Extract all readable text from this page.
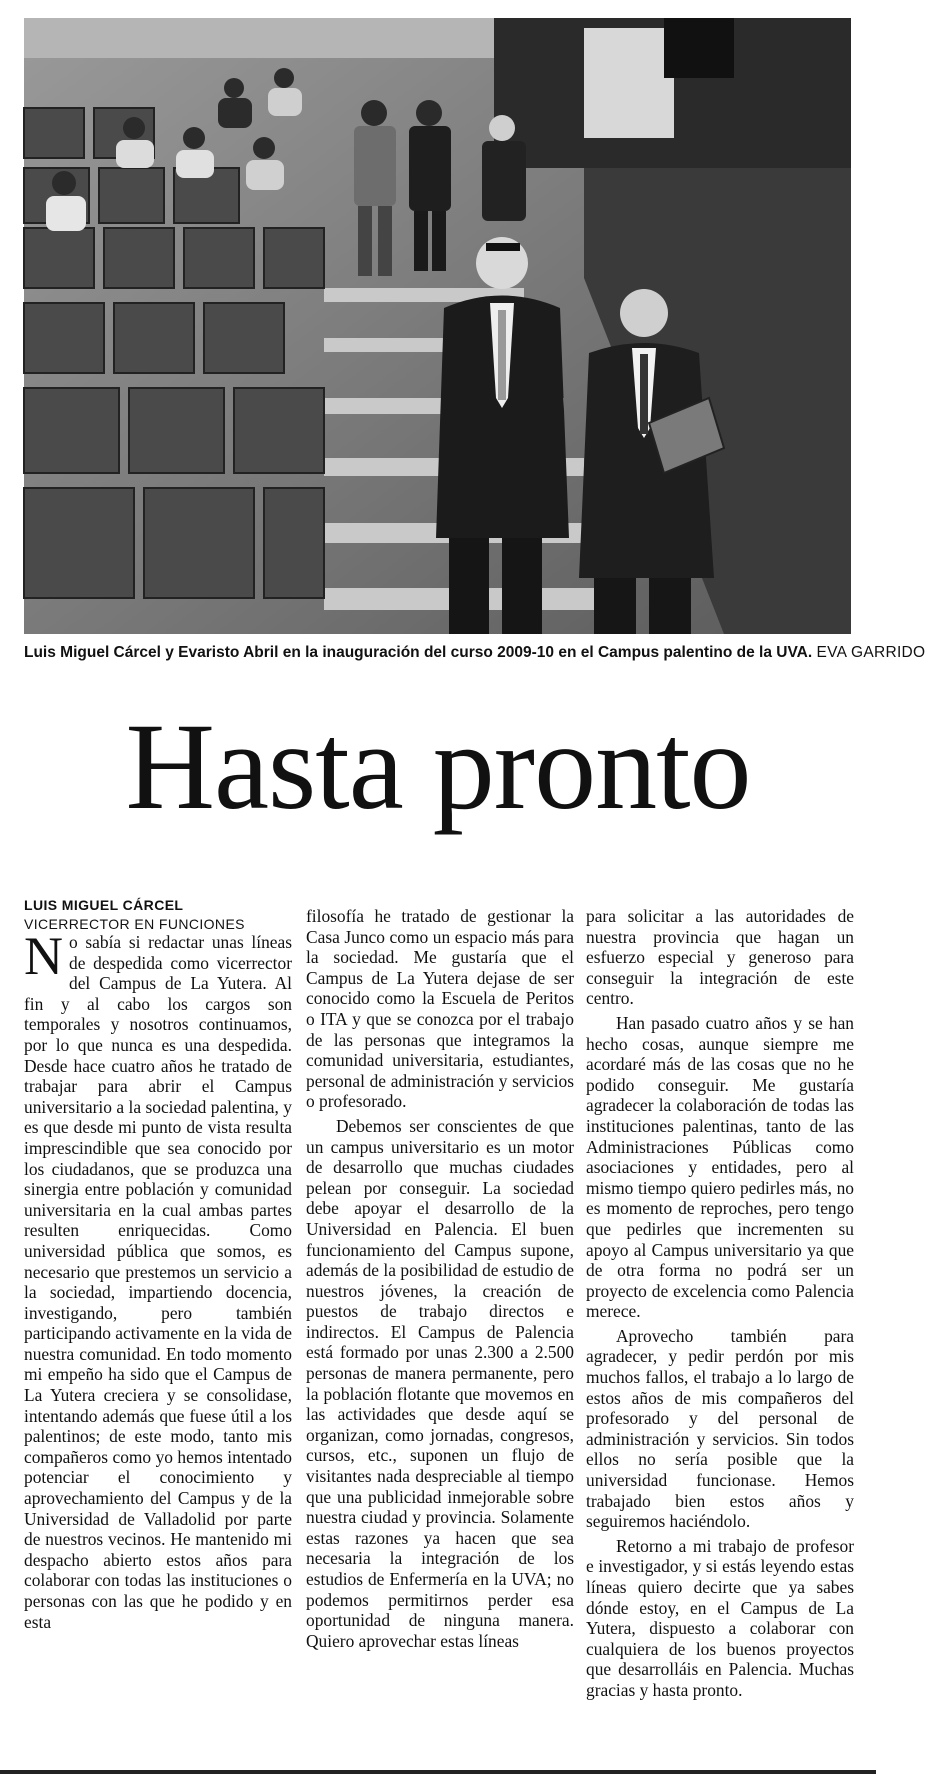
Luis Miguel Cárcel y Evaristo Abril en la inauguración del curso 2009-10 en el Campus palentino de la UVA. EVA GARRIDO
Hasta pronto
LUIS MIGUEL CÁRCEL
VICERRECTOR EN FUNCIONES

No sabía si redactar unas líneas de despedida como vicerrector del Campus de La Yutera. Al fin y al cabo los cargos son temporales y nosotros continuamos, por lo que nunca es una despedida. Desde hace cuatro años he tratado de trabajar para abrir el Campus universitario a la sociedad palentina, y es que desde mi punto de vista resulta imprescindible que sea conocido por los ciudadanos, que se produzca una sinergia entre población y comunidad universitaria en la cual ambas partes resulten enriquecidas. Como universidad pública que somos, es necesario que prestemos un servicio a la sociedad, impartiendo docencia, investigando, pero también participando activamente en la vida de nuestra comunidad. En todo momento mi empeño ha sido que el Campus de La Yutera creciera y se consolidase, intentando además que fuese útil a los palentinos; de este modo, tanto mis compañeros como yo hemos intentado potenciar el conocimiento y aprovechamiento del Campus y de la Universidad de Valladolid por parte de nuestros vecinos. He mantenido mi despacho abierto estos años para colaborar con todas las instituciones o personas con las que he podido y en esta

filosofía he tratado de gestionar la Casa Junco como un espacio más para la sociedad. Me gustaría que el Campus de La Yutera dejase de ser conocido como la Escuela de Peritos o ITA y que se conozca por el trabajo de las personas que integramos la comunidad universitaria, estudiantes, personal de administración y servicios o profesorado.

Debemos ser conscientes de que un campus universitario es un motor de desarrollo que muchas ciudades pelean por conseguir. La sociedad debe apoyar el desarrollo de la Universidad en Palencia. El buen funcionamiento del Campus supone, además de la posibilidad de estudio de nuestros jóvenes, la creación de puestos de trabajo directos e indirectos. El Campus de Palencia está formado por unas 2.300 a 2.500 personas de manera permanente, pero la población flotante que movemos en las actividades que desde aquí se organizan, como jornadas, congresos, cursos, etc., suponen un flujo de visitantes nada despreciable al tiempo que una publicidad inmejorable sobre nuestra ciudad y provincia. Solamente estas razones ya hacen que sea necesaria la integración de los estudios de Enfermería en la UVA; no podemos permitirnos perder esa oportunidad de ninguna manera. Quiero aprovechar estas líneas

para solicitar a las autoridades de nuestra provincia que hagan un esfuerzo especial y generoso para conseguir la integración de este centro.

Han pasado cuatro años y se han hecho cosas, aunque siempre me acordaré más de las cosas que no he podido conseguir. Me gustaría agradecer la colaboración de todas las instituciones palentinas, tanto de las Administraciones Públicas como asociaciones y entidades, pero al mismo tiempo quiero pedirles más, no es momento de reproches, pero tengo que pedirles que incrementen su apoyo al Campus universitario ya que de otra forma no podrá ser un proyecto de excelencia como Palencia merece.

Aprovecho también para agradecer, y pedir perdón por mis muchos fallos, el trabajo a lo largo de estos años de mis compañeros del profesorado y del personal de administración y servicios. Sin todos ellos no sería posible que la universidad funcionase. Hemos trabajado bien estos años y seguiremos haciéndolo.

Retorno a mi trabajo de profesor e investigador, y si estás leyendo estas líneas quiero decirte que ya sabes dónde estoy, en el Campus de La Yutera, dispuesto a colaborar con cualquiera de los buenos proyectos que desarrolláis en Palencia. Muchas gracias y hasta pronto.
